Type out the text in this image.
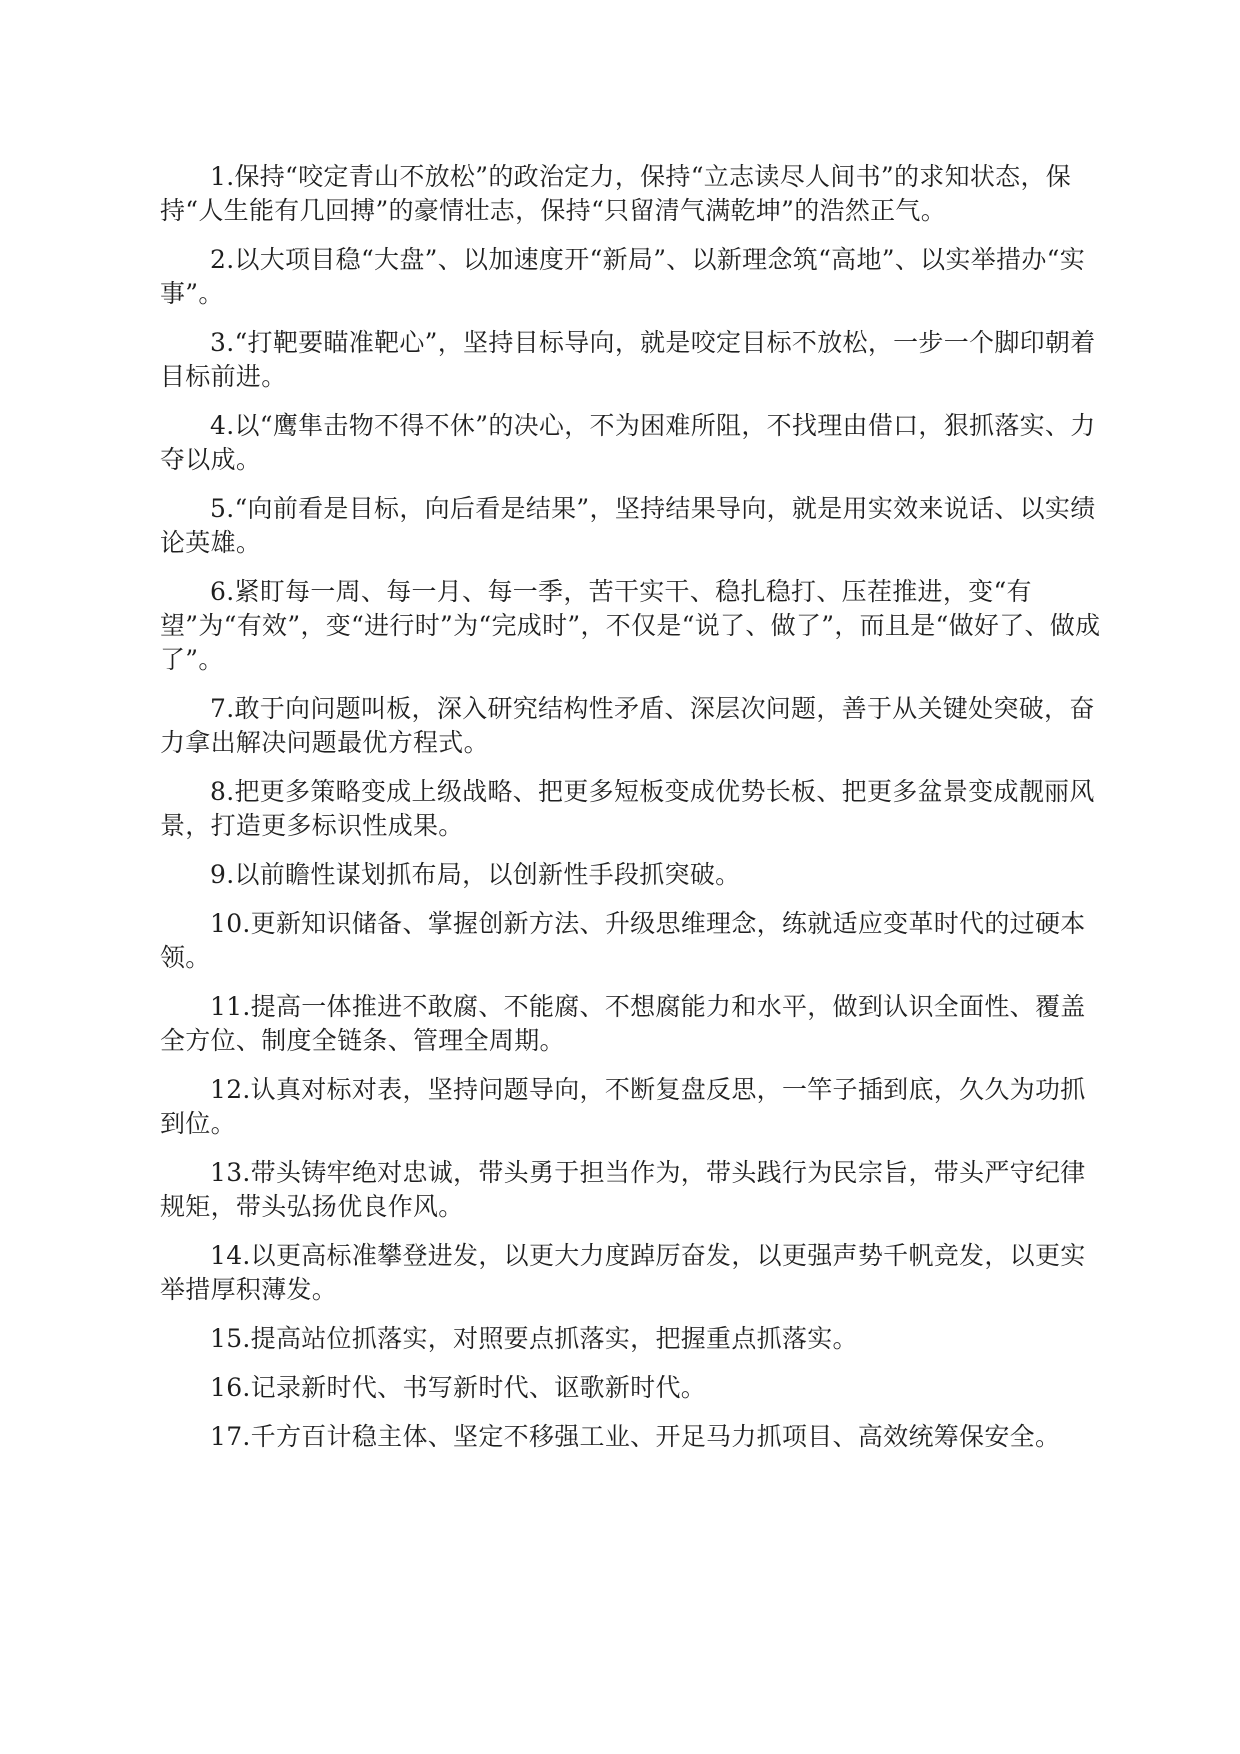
1.保持“咬定青山不放松”的政治定力，保持“立志读尽人间书”的求知状态，保持“人生能有几回搏”的豪情壮志，保持“只留清气满乾坤”的浩然正气。

2.以大项目稳“大盘”、以加速度开“新局”、以新理念筑“高地”、以实举措办“实事”。

3.“打靶要瞄准靶心”，坚持目标导向，就是咬定目标不放松，一步一个脚印朝着目标前进。

4.以“鹰隼击物不得不休”的决心，不为困难所阻，不找理由借口，狠抓落实、力夺以成。

5.“向前看是目标，向后看是结果”，坚持结果导向，就是用实效来说话、以实绩论英雄。

6.紧盯每一周、每一月、每一季，苦干实干、稳扎稳打、压茬推进，变“有望”为“有效”，变“进行时”为“完成时”，不仅是“说了、做了”，而且是“做好了、做成了”。

7.敢于向问题叫板，深入研究结构性矛盾、深层次问题，善于从关键处突破，奋力拿出解决问题最优方程式。

8.把更多策略变成上级战略、把更多短板变成优势长板、把更多盆景变成靓丽风景，打造更多标识性成果。

9.以前瞻性谋划抓布局，以创新性手段抓突破。

10.更新知识储备、掌握创新方法、升级思维理念，练就适应变革时代的过硬本领。

11.提高一体推进不敢腐、不能腐、不想腐能力和水平，做到认识全面性、覆盖全方位、制度全链条、管理全周期。

12.认真对标对表，坚持问题导向，不断复盘反思，一竿子插到底，久久为功抓到位。

13.带头铸牢绝对忠诚，带头勇于担当作为，带头践行为民宗旨，带头严守纪律规矩，带头弘扬优良作风。

14.以更高标准攀登进发，以更大力度踔厉奋发，以更强声势千帆竞发，以更实举措厚积薄发。

15.提高站位抓落实，对照要点抓落实，把握重点抓落实。

16.记录新时代、书写新时代、讴歌新时代。

17.千方百计稳主体、坚定不移强工业、开足马力抓项目、高效统筹保安全。
